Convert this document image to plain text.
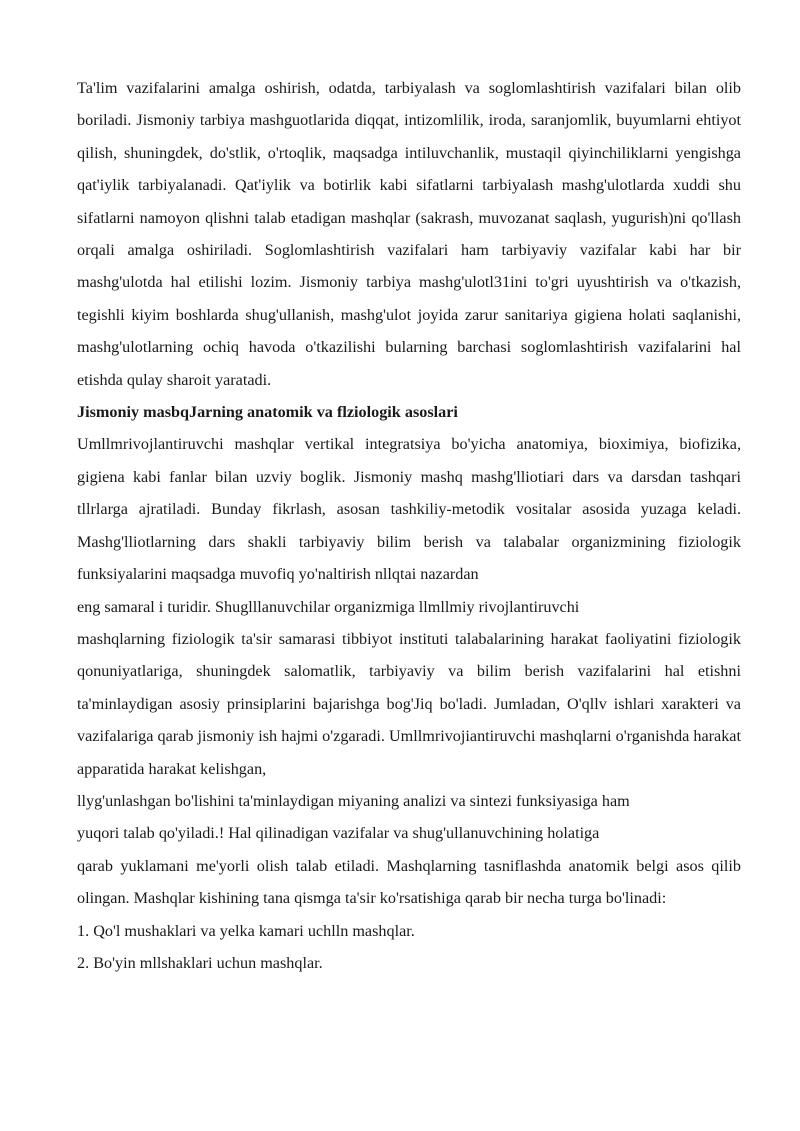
Ta'lim vazifalarini amalga oshirish, odatda, tarbiyalash va soglomlashtirish vazifalari bilan olib boriladi. Jismoniy tarbiya mashguotlarida diqqat, intizomlilik, iroda, saranjomlik, buyumlarni ehtiyot qilish, shuningdek, do'stlik, o'rtoqlik, maqsadga intiluvchanlik, mustaqil qiyinchiliklarni yengishga qat'iylik tarbiyalanadi. Qat'iylik va botirlik kabi sifatlarni tarbiyalash mashg'ulotlarda xuddi shu sifatlarni namoyon qlishni talab etadigan mashqlar (sakrash, muvozanat saqlash, yugurish)ni qo'llash orqali amalga oshiriladi. Soglomlashtirish vazifalari ham tarbiyaviy vazifalar kabi har bir mashg'ulotda hal etilishi lozim. Jismoniy tarbiya mashg'ulotl31ini to'gri uyushtirish va o'tkazish, tegishli kiyim boshlarda shug'ullanish, mashg'ulot joyida zarur sanitariya gigiena holati saqlanishi, mashg'ulotlarning ochiq havoda o'tkazilishi bularning barchasi soglomlashtirish vazifalarini hal etishda qulay sharoit yaratadi.

Jismoniy masbqJarning anatomik va flziologik asoslari

Umllmrivojlantiruvchi mashqlar vertikal integratsiya bo'yicha anatomiya, bioximiya, biofizika, gigiena kabi fanlar bilan uzviy boglik. Jismoniy mashq mashg'lliotiari dars va darsdan tashqari tllrlarga ajratiladi. Bunday fikrlash, asosan tashkiliy-metodik vositalar asosida yuzaga keladi. Mashg'lliotlarning dars shakli tarbiyaviy bilim berish va talabalar organizmining fiziologik funksiyalarini maqsadga muvofiq yo'naltirish nllqtai nazardan

eng samaral i turidir. Shuglllanuvchilar organizmiga llmllmiy rivojlantiruvchi

mashqlarning fiziologik ta'sir samarasi tibbiyot instituti talabalarining harakat faoliyatini fiziologik qonuniyatlariga, shuningdek salomatlik, tarbiyaviy va bilim berish vazifalarini hal etishni ta'minlaydigan asosiy prinsiplarini bajarishga bog'Jiq bo'ladi. Jumladan, O'qllv ishlari xarakteri va vazifalariga qarab jismoniy ish hajmi o'zgaradi. Umllmrivojiantiruvchi mashqlarni o'rganishda harakat apparatida harakat kelishgan,

llyg'unlashgan bo'lishini ta'minlaydigan miyaning analizi va sintezi funksiyasiga ham

yuqori talab qo'yiladi.! Hal qilinadigan vazifalar va shug'ullanuvchining holatiga

qarab yuklamani me'yorli olish talab etiladi. Mashqlarning tasniflashda anatomik belgi asos qilib olingan. Mashqlar kishining tana qismga ta'sir ko'rsatishiga qarab bir necha turga bo'linadi:

1. Qo'l mushaklari va yelka kamari uchlln mashqlar.

2. Bo'yin mllshaklari uchun mashqlar.
